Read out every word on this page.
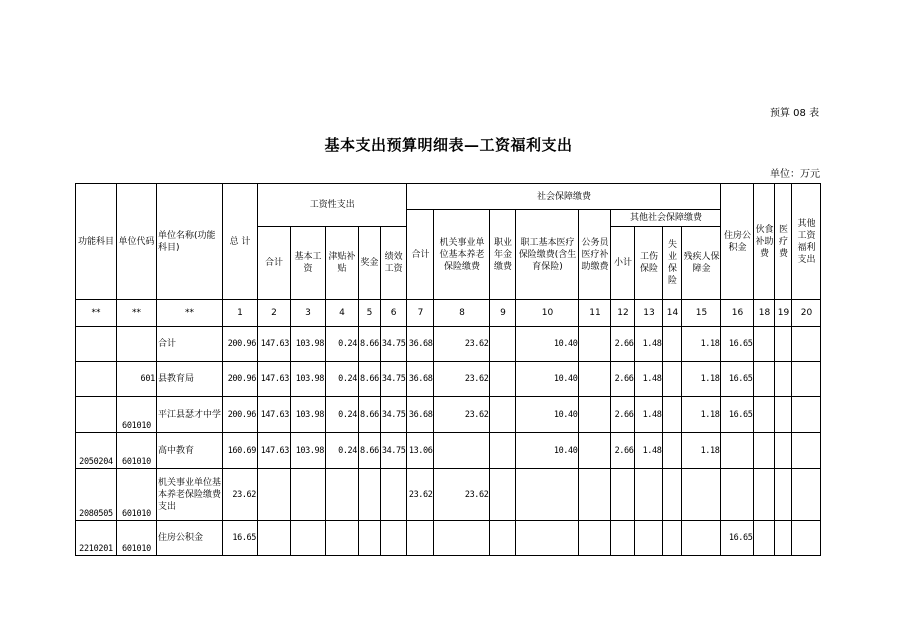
预算 08 表
基本支出预算明细表—工资福利支出
单位：万元
功能科目	单位代码	单位名称(功能科目)	总 计	工资性支出					社会保障缴费									住房公积金	伙食补助费	医疗费	其他工资福利支出
									合计	机关事业单位基本养老保险缴费	职业年金缴费	职工基本医疗保险缴费(含生育保险)	公务员医疗补助缴费	其他社会保障缴费							
				合计	基本工资	津贴补贴	奖金	绩效工资						小计	工伤保险	失业保险	残疾人保障金				

**	**	**	1	2	3	4	5	6	7	8	9	10	11	12	13	14	15	16	18	19	20
		合计	200.96	147.63	103.98	0.24	8.66	34.75	36.68	23.62		10.40		2.66	1.48		1.18	16.65			
	601	县教育局	200.96	147.63	103.98	0.24	8.66	34.75	36.68	23.62		10.40		2.66	1.48		1.18	16.65			
	601010	平江县瑟才中学	200.96	147.63	103.98	0.24	8.66	34.75	36.68	23.62		10.40		2.66	1.48		1.18	16.65			
2050204	601010	高中教育	160.69	147.63	103.98	0.24	8.66	34.75	13.06			10.40		2.66	1.48		1.18				
2080505	601010	机关事业单位基本养老保险缴费支出	23.62						23.62	23.62											
2210201	601010	住房公积金	16.65															16.65			
